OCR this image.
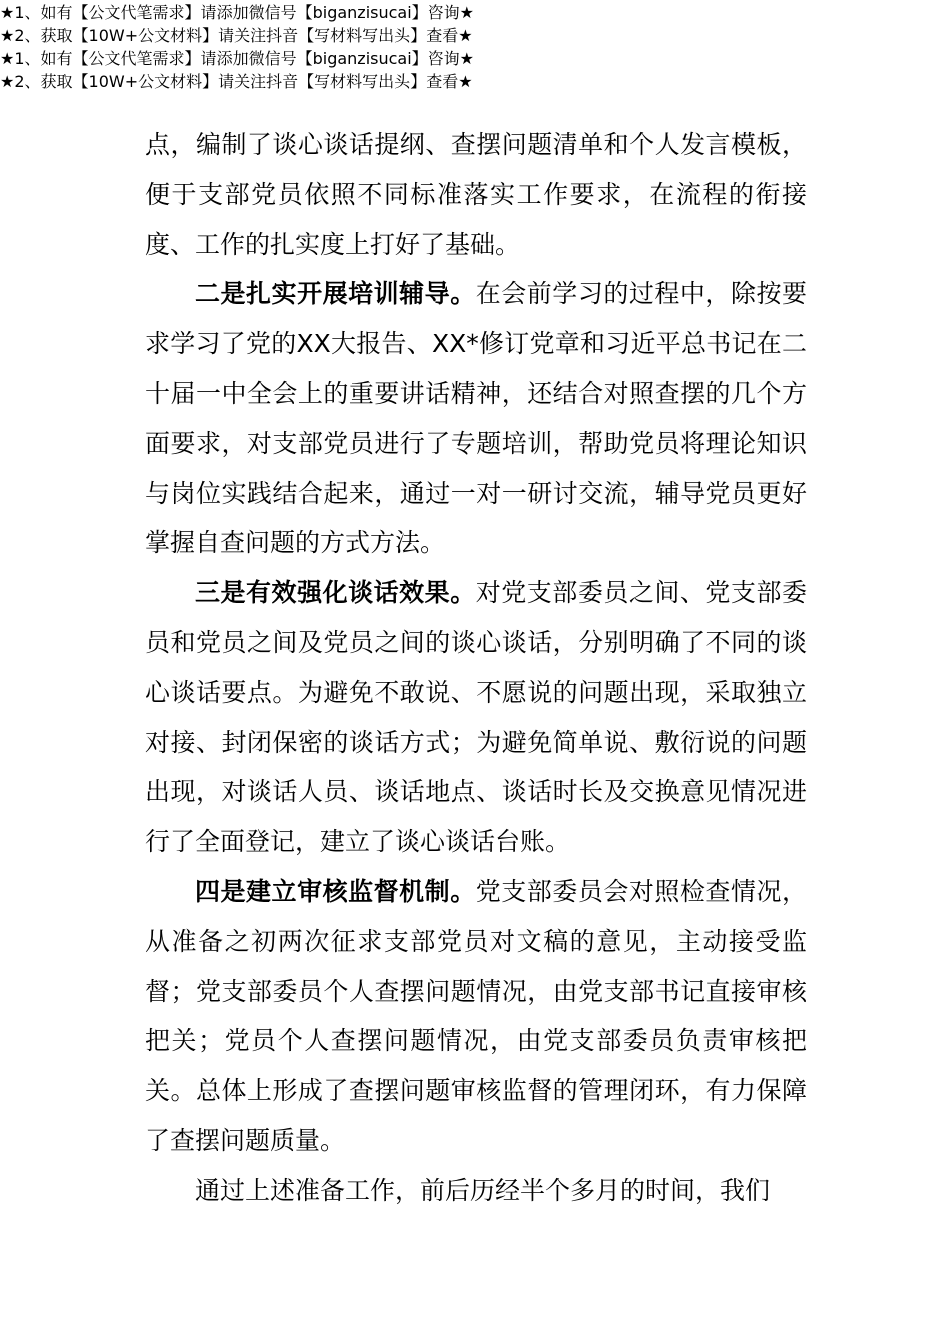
★1、如有【公文代笔需求】请添加微信号【biganzisucai】咨询★
★2、获取【10W+公文材料】请关注抖音【写材料写出头】查看★

点，编制了谈心谈话提纲、查摆问题清单和个人发言模板，便于支部党员依照不同标准落实工作要求，在流程的衔接度、工作的扎实度上打好了基础。

二是扎实开展培训辅导。在会前学习的过程中，除按要求学习了党的XX大报告、XX*修订党章和习近平总书记在二十届一中全会上的重要讲话精神，还结合对照查摆的几个方面要求，对支部党员进行了专题培训，帮助党员将理论知识与岗位实践结合起来，通过一对一研讨交流，辅导党员更好掌握自查问题的方式方法。

三是有效强化谈话效果。对党支部委员之间、党支部委员和党员之间及党员之间的谈心谈话，分别明确了不同的谈心谈话要点。为避免不敢说、不愿说的问题出现，采取独立对接、封闭保密的谈话方式；为避免简单说、敷衍说的问题出现，对谈话人员、谈话地点、谈话时长及交换意见情况进行了全面登记，建立了谈心谈话台账。

四是建立审核监督机制。党支部委员会对照检查情况，从准备之初两次征求支部党员对文稿的意见，主动接受监督；党支部委员个人查摆问题情况，由党支部书记直接审核把关；党员个人查摆问题情况，由党支部委员负责审核把关。总体上形成了查摆问题审核监督的管理闭环，有力保障了查摆问题质量。

通过上述准备工作，前后历经半个多月的时间，我们

★1、如有【公文代笔需求】请添加微信号【biganzisucai】咨询★
★2、获取【10W+公文材料】请关注抖音【写材料写出头】查看★
